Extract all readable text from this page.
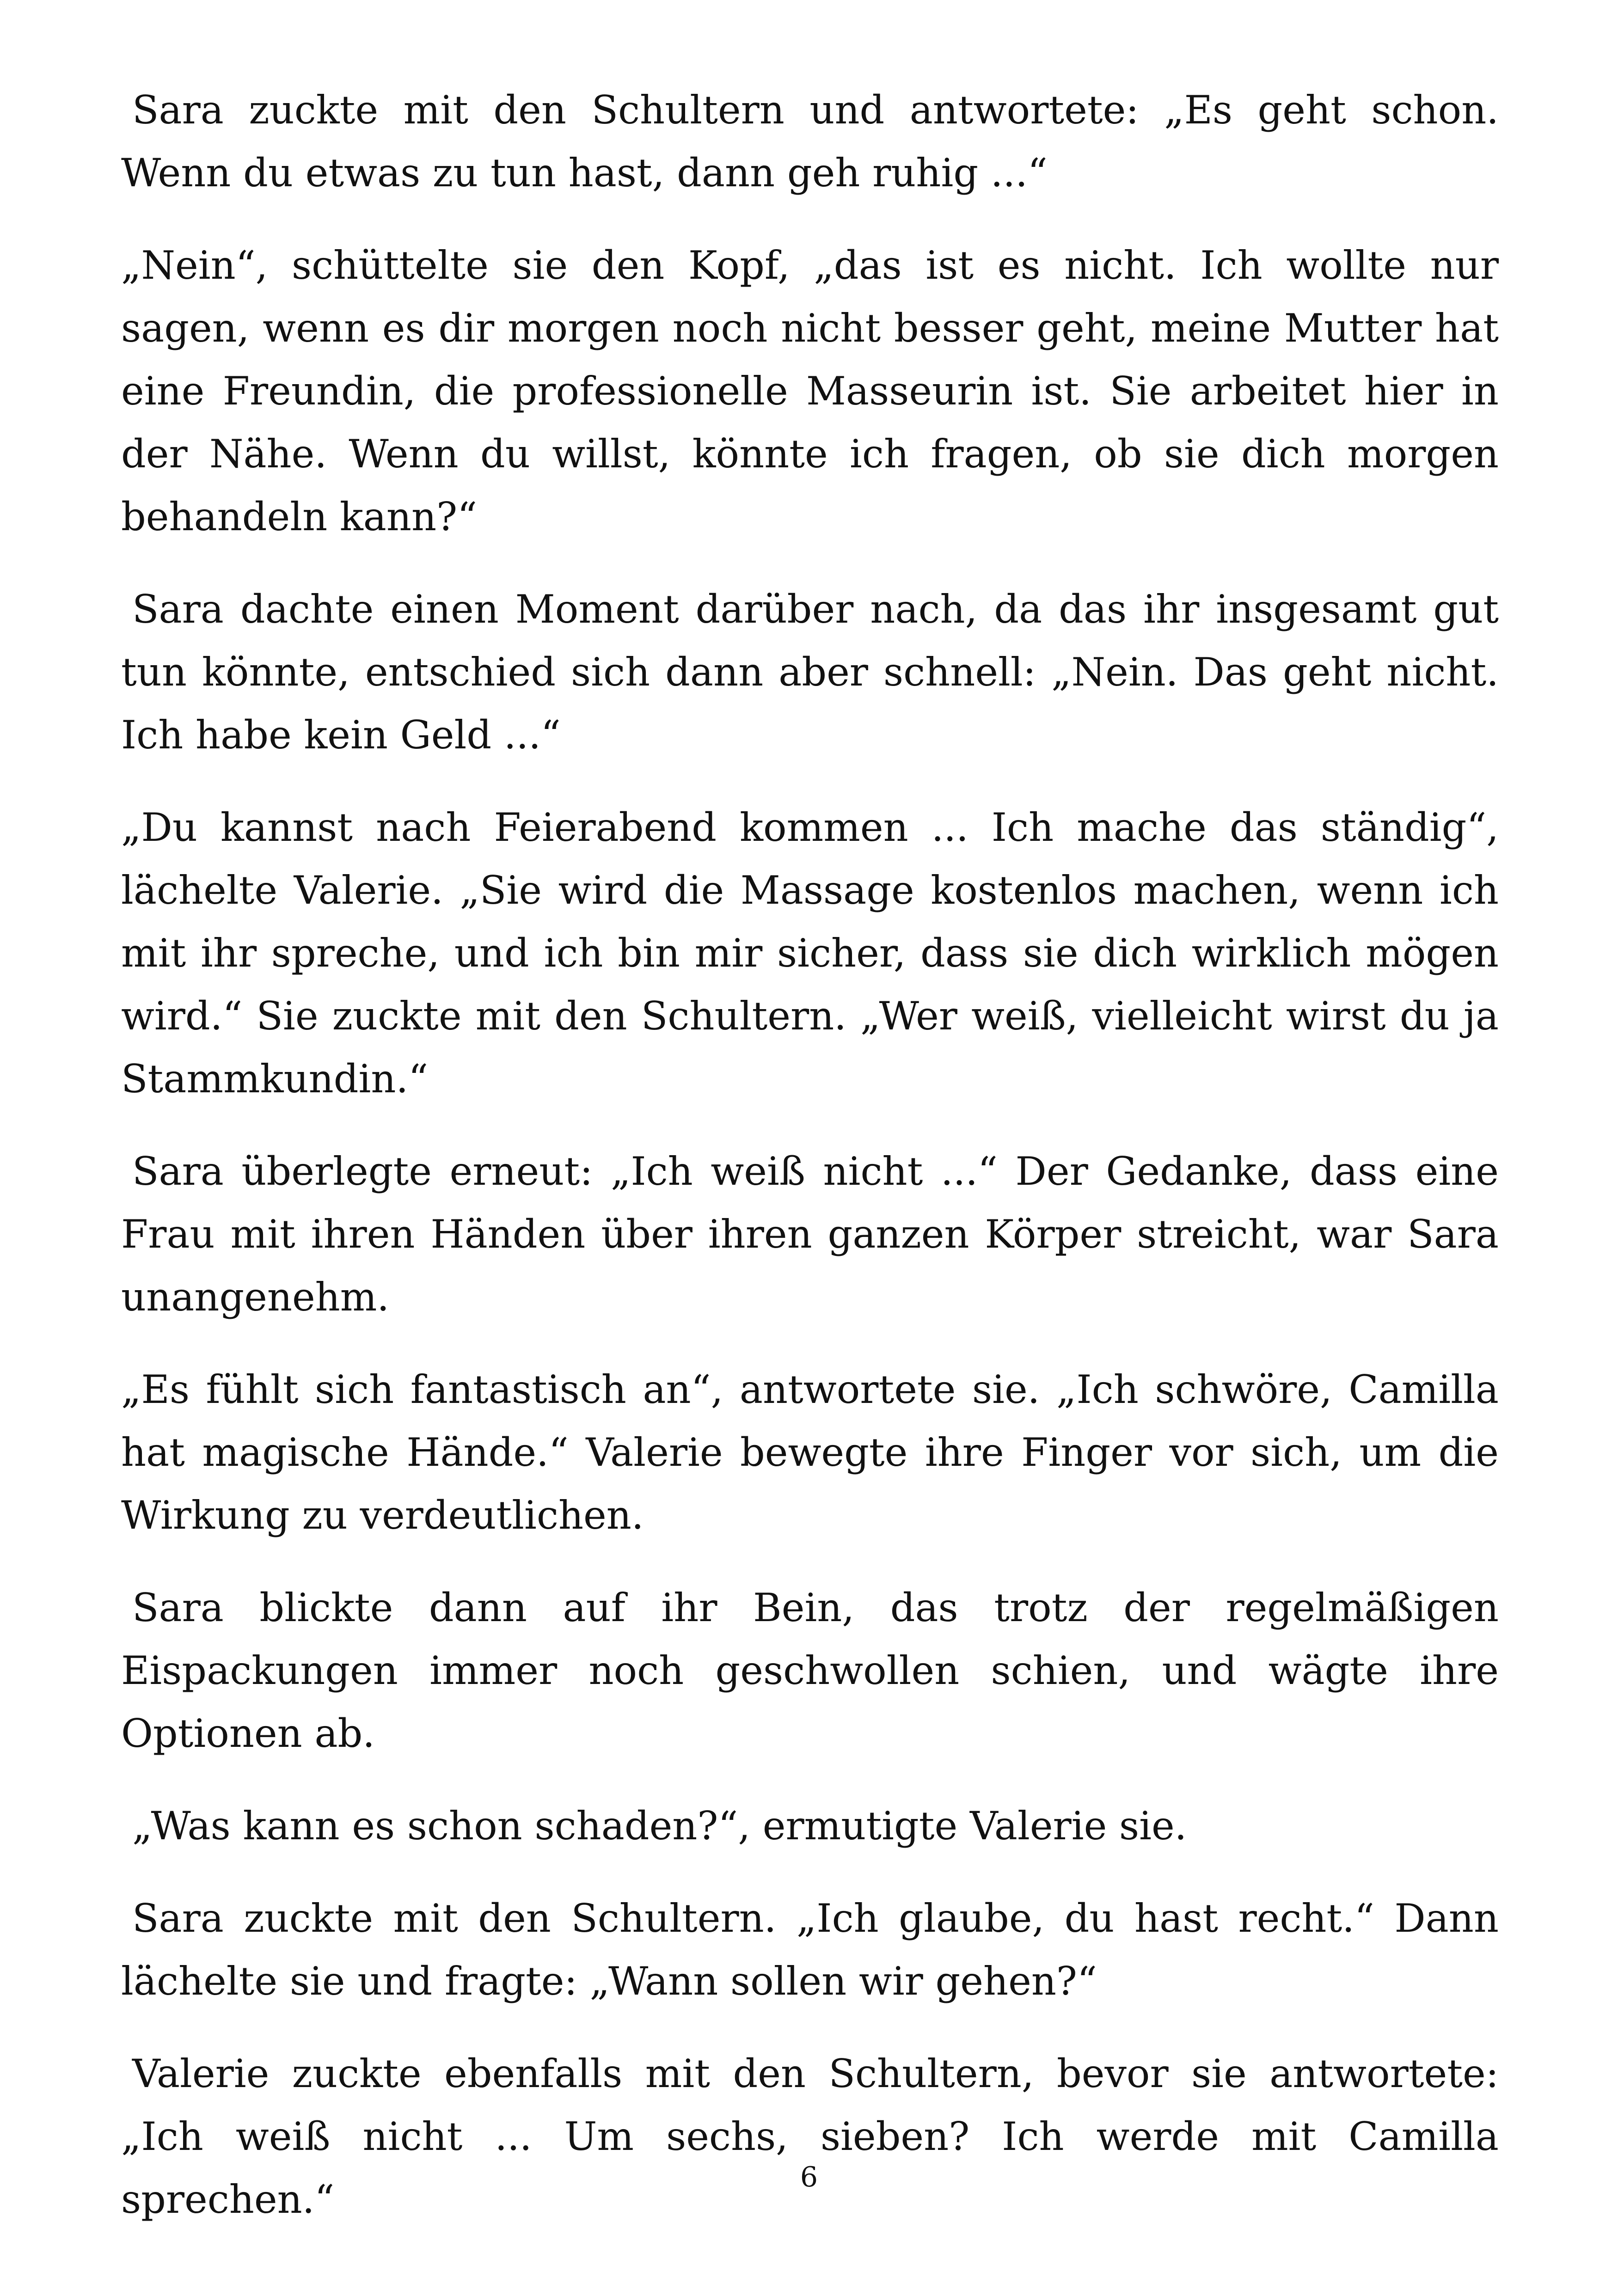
Sara zuckte mit den Schultern und antwortete: „Es geht schon. Wenn du etwas zu tun hast, dann geh ruhig ...“

„Nein“, schüttelte sie den Kopf, „das ist es nicht. Ich wollte nur sagen, wenn es dir morgen noch nicht besser geht, meine Mutter hat eine Freundin, die professionelle Masseurin ist. Sie arbeitet hier in der Nähe. Wenn du willst, könnte ich fragen, ob sie dich morgen behandeln kann?“

Sara dachte einen Moment darüber nach, da das ihr insgesamt gut tun könnte, entschied sich dann aber schnell: „Nein. Das geht nicht. Ich habe kein Geld ...“

„Du kannst nach Feierabend kommen ... Ich mache das ständig“, lächelte Valerie. „Sie wird die Massage kostenlos machen, wenn ich mit ihr spreche, und ich bin mir sicher, dass sie dich wirklich mögen wird.“ Sie zuckte mit den Schultern. „Wer weiß, vielleicht wirst du ja Stammkundin.“

Sara überlegte erneut: „Ich weiß nicht ...“ Der Gedanke, dass eine Frau mit ihren Händen über ihren ganzen Körper streicht, war Sara unangenehm.

„Es fühlt sich fantastisch an“, antwortete sie. „Ich schwöre, Camilla hat magische Hände.“ Valerie bewegte ihre Finger vor sich, um die Wirkung zu verdeutlichen.

Sara blickte dann auf ihr Bein, das trotz der regelmäßigen Eispackungen immer noch geschwollen schien, und wägte ihre Optionen ab.

„Was kann es schon schaden?“, ermutigte Valerie sie.

Sara zuckte mit den Schultern. „Ich glaube, du hast recht.“ Dann lächelte sie und fragte: „Wann sollen wir gehen?“

Valerie zuckte ebenfalls mit den Schultern, bevor sie antwortete: „Ich weiß nicht ... Um sechs, sieben? Ich werde mit Camilla sprechen.“	6
